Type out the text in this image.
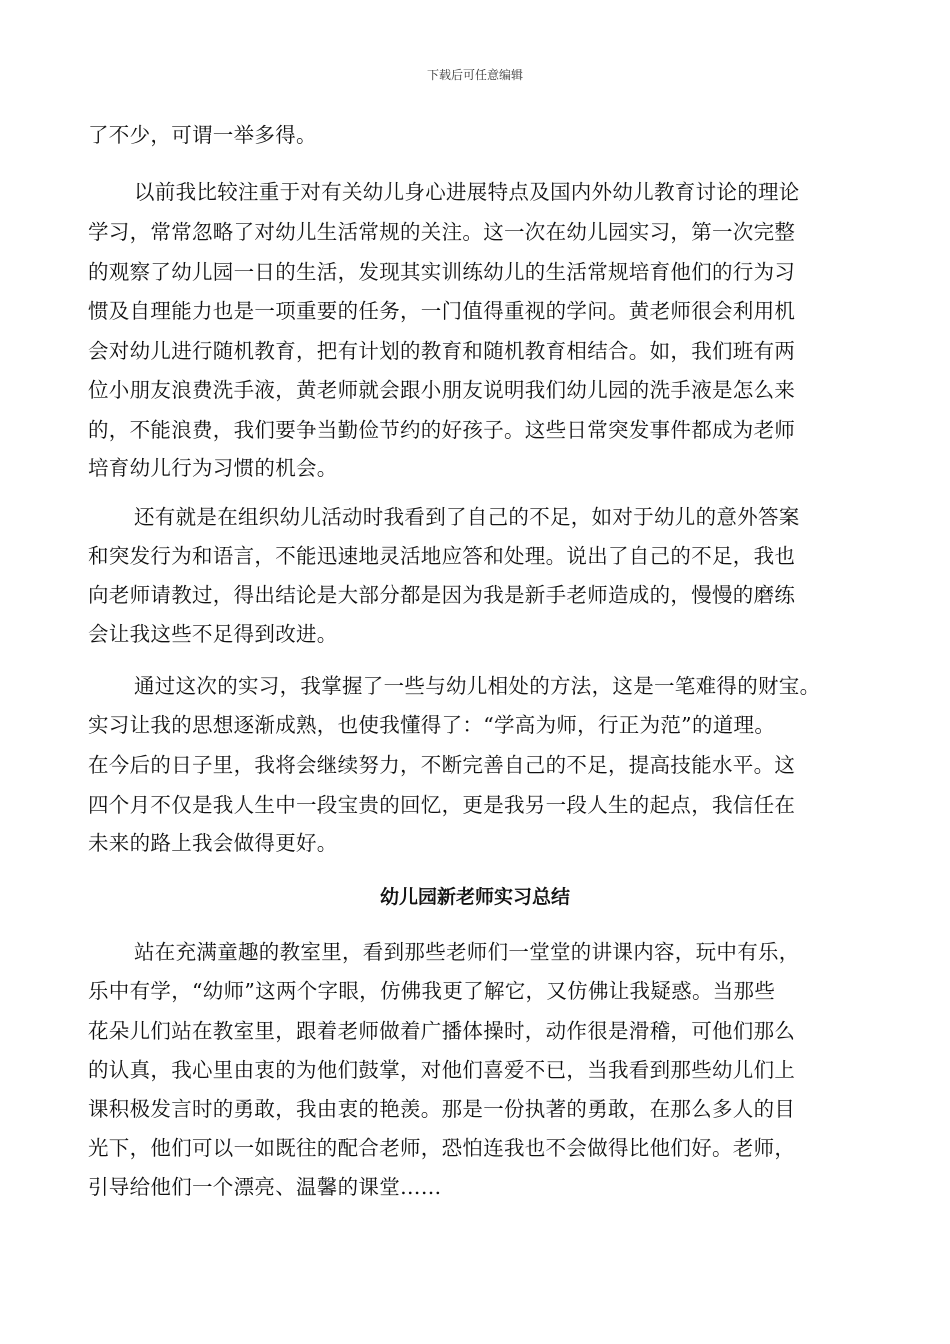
下载后可任意编辑
了不少，可谓一举多得。
以前我比较注重于对有关幼儿身心进展特点及国内外幼儿教育讨论的理论
学习，常常忽略了对幼儿生活常规的关注。这一次在幼儿园实习，第一次完整
的观察了幼儿园一日的生活，发现其实训练幼儿的生活常规培育他们的行为习
惯及自理能力也是一项重要的任务，一门值得重视的学问。黄老师很会利用机
会对幼儿进行随机教育，把有计划的教育和随机教育相结合。如，我们班有两
位小朋友浪费洗手液，黄老师就会跟小朋友说明我们幼儿园的洗手液是怎么来
的，不能浪费，我们要争当勤俭节约的好孩子。这些日常突发事件都成为老师
培育幼儿行为习惯的机会。
还有就是在组织幼儿活动时我看到了自己的不足，如对于幼儿的意外答案
和突发行为和语言，不能迅速地灵活地应答和处理。说出了自己的不足，我也
向老师请教过，得出结论是大部分都是因为我是新手老师造成的，慢慢的磨练
会让我这些不足得到改进。
通过这次的实习，我掌握了一些与幼儿相处的方法，这是一笔难得的财宝。
实习让我的思想逐渐成熟，也使我懂得了：“学高为师，行正为范”的道理。
在今后的日子里，我将会继续努力，不断完善自己的不足，提高技能水平。这
四个月不仅是我人生中一段宝贵的回忆，更是我另一段人生的起点，我信任在
未来的路上我会做得更好。
幼儿园新老师实习总结
站在充满童趣的教室里，看到那些老师们一堂堂的讲课内容，玩中有乐，
乐中有学，“幼师”这两个字眼，仿佛我更了解它，又仿佛让我疑惑。当那些
花朵儿们站在教室里，跟着老师做着广播体操时，动作很是滑稽，可他们那么
的认真，我心里由衷的为他们鼓掌，对他们喜爱不已，当我看到那些幼儿们上
课积极发言时的勇敢，我由衷的艳羡。那是一份执著的勇敢，在那么多人的目
光下，他们可以一如既往的配合老师，恐怕连我也不会做得比他们好。老师，
引导给他们一个漂亮、温馨的课堂……
